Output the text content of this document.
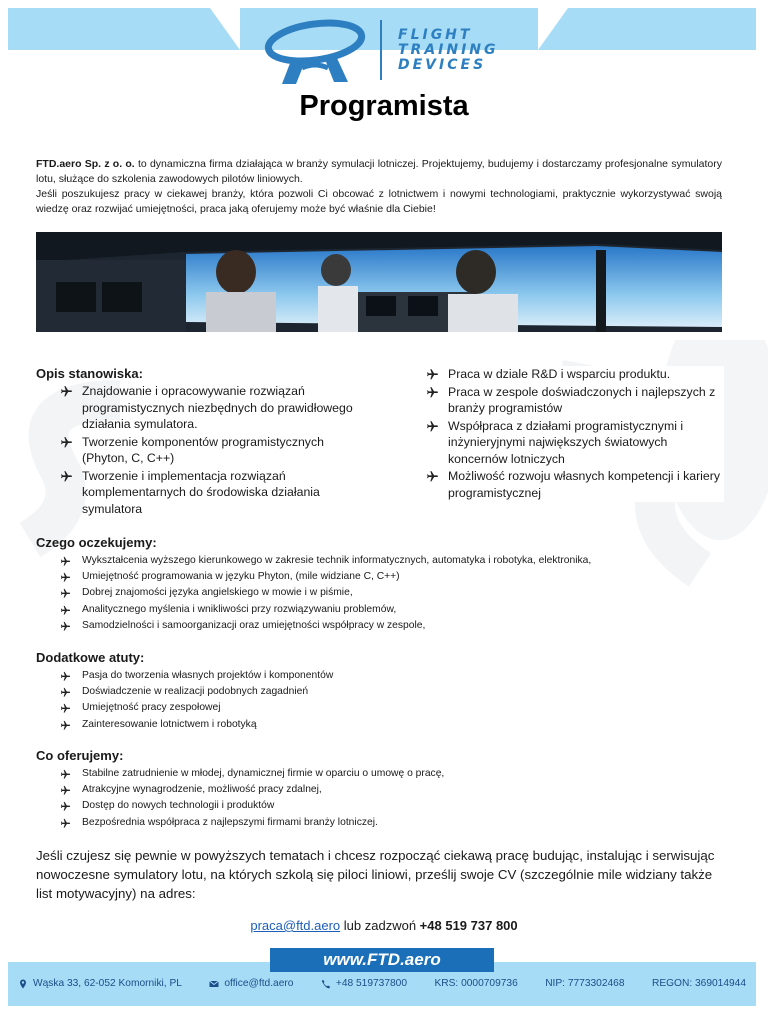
FLIGHT
TRAINING
DEVICES
Programista

FTD.aero Sp. z o. o. to dynamiczna firma działająca w branży symulacji lotniczej. Projektujemy, budujemy i dostarczamy profesjonalne symulatory lotu, służące do szkolenia zawodowych pilotów liniowych.

Jeśli poszukujesz pracy w ciekawej branży, która pozwoli Ci obcować z lotnictwem i nowymi technologiami, praktycznie wykorzystywać swoją wiedzę oraz rozwijać umiejętności, praca jaką oferujemy może być właśnie dla Ciebie!

Opis stanowiska:
Znajdowanie i opracowywanie rozwiązań programistycznych niezbędnych do prawidłowego działania symulatora.
Tworzenie komponentów programistycznych (Phyton, C, C++)
Tworzenie i implementacja rozwiązań komplementarnych do środowiska działania symulatora
Praca w dziale R&D i wsparciu produktu.
Praca w zespole doświadczonych i najlepszych z branży programistów
Współpraca z działami programistycznymi i inżynieryjnymi największych światowych koncernów lotniczych
Możliwość rozwoju własnych kompetencji i kariery programistycznej
Czego oczekujemy:
Wykształcenia wyższego kierunkowego w zakresie technik informatycznych, automatyka i robotyka, elektronika,
Umiejętność programowania w języku Phyton, (mile widziane C, C++)
Dobrej znajomości języka angielskiego w mowie i w piśmie,
Analitycznego myślenia i wnikliwości przy rozwiązywaniu problemów,
Samodzielności i samoorganizacji oraz umiejętności współpracy w zespole,
Dodatkowe atuty:
Pasja do tworzenia własnych projektów i komponentów
Doświadczenie w realizacji podobnych zagadnień
Umiejętność pracy zespołowej
Zainteresowanie lotnictwem i robotyką
Co oferujemy:
Stabilne zatrudnienie w młodej, dynamicznej firmie w oparciu o umowę o pracę,
Atrakcyjne wynagrodzenie, możliwość pracy zdalnej,
Dostęp do nowych technologii i produktów
Bezpośrednia współpraca z najlepszymi firmami branży lotniczej.

Jeśli czujesz się pewnie w powyższych tematach i chcesz rozpocząć ciekawą pracę budując, instalując i serwisując nowoczesne symulatory lotu, na których szkolą się piloci liniowi, prześlij swoje CV (szczególnie mile widziany także list motywacyjny) na adres:

praca@ftd.aero lub zadzwoń +48 519 737 800
Wąska 33, 62-052 Komorniki, PL	office@ftd.aero	+48 519737800	KRS: 0000709736	NIP: 7773302468	REGON: 369014944
www.FTD.aero
